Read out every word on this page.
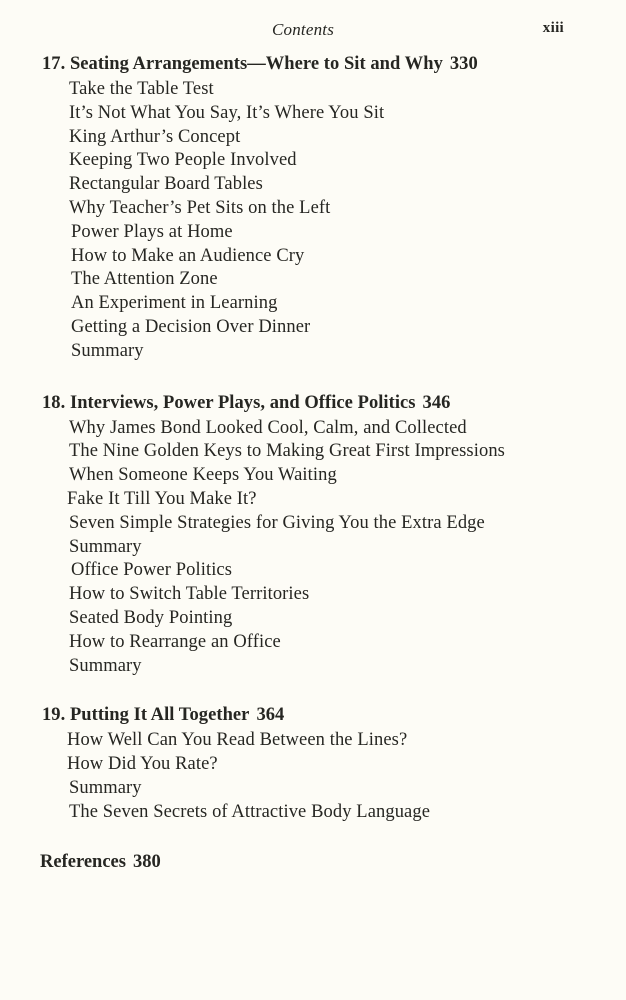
Contents	xiii
17. Seating Arrangements—Where to Sit and Why 330
Take the Table Test
It’s Not What You Say, It’s Where You Sit
King Arthur’s Concept
Keeping Two People Involved
Rectangular Board Tables
Why Teacher’s Pet Sits on the Left
Power Plays at Home
How to Make an Audience Cry
The Attention Zone
An Experiment in Learning
Getting a Decision Over Dinner
Summary
18. Interviews, Power Plays, and Office Politics 346
Why James Bond Looked Cool, Calm, and Collected
The Nine Golden Keys to Making Great First Impressions
When Someone Keeps You Waiting
Fake It Till You Make It?
Seven Simple Strategies for Giving You the Extra Edge
Summary
Office Power Politics
How to Switch Table Territories
Seated Body Pointing
How to Rearrange an Office
Summary
19. Putting It All Together 364
How Well Can You Read Between the Lines?
How Did You Rate?
Summary
The Seven Secrets of Attractive Body Language
References 380
